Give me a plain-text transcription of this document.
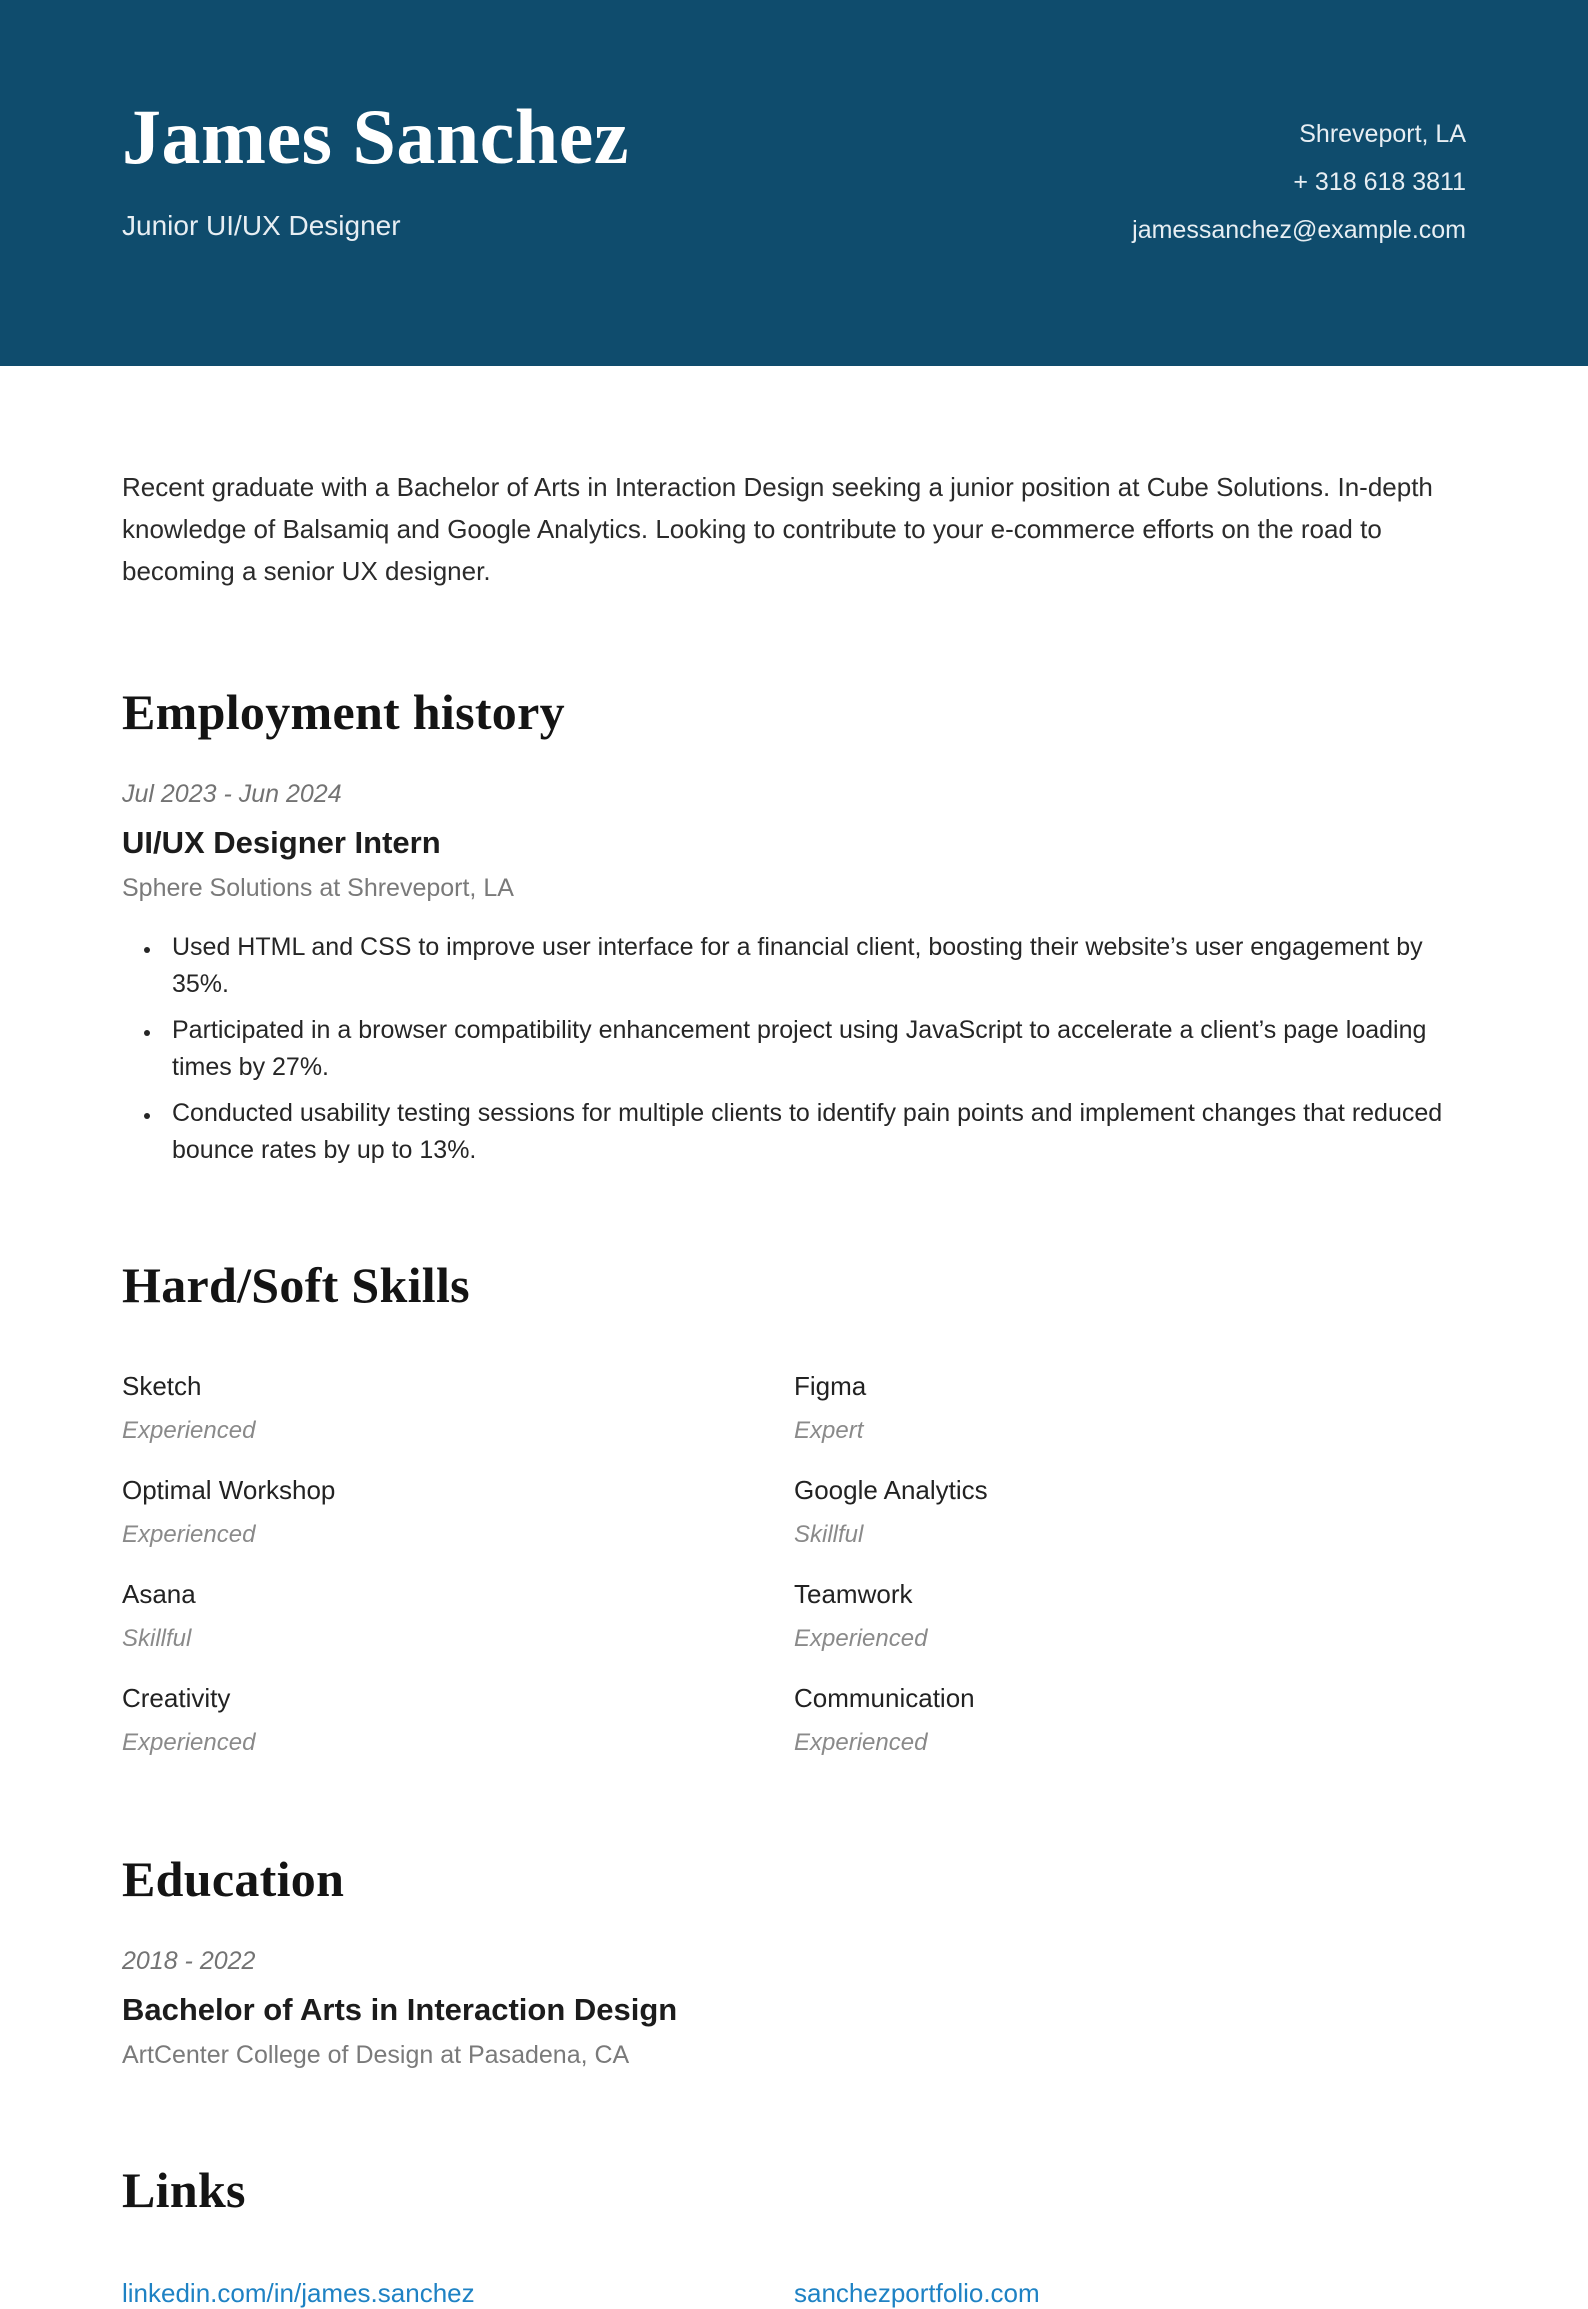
James Sanchez
Junior UI/UX Designer
Shreveport, LA
+ 318 618 3811
jamessanchez@example.com

Recent graduate with a Bachelor of Arts in Interaction Design seeking a junior position at Cube Solutions. In-depth knowledge of Balsamiq and Google Analytics. Looking to contribute to your e-commerce efforts on the road to becoming a senior UX designer.

Employment history
Jul 2023 - Jun 2024
UI/UX Designer Intern
Sphere Solutions at Shreveport, LA
• Used HTML and CSS to improve user interface for a financial client, boosting their website’s user engagement by 35%.
• Participated in a browser compatibility enhancement project using JavaScript to accelerate a client’s page loading times by 27%.
• Conducted usability testing sessions for multiple clients to identify pain points and implement changes that reduced bounce rates by up to 13%.
Hard/Soft Skills
Sketch
Experienced
Figma
Expert
Optimal Workshop
Experienced
Google Analytics
Skillful
Asana
Skillful
Teamwork
Experienced
Creativity
Experienced
Communication
Experienced
Education
2018 - 2022
Bachelor of Arts in Interaction Design
ArtCenter College of Design at Pasadena, CA
Links
linkedin.com/in/james.sanchez	sanchezportfolio.com
